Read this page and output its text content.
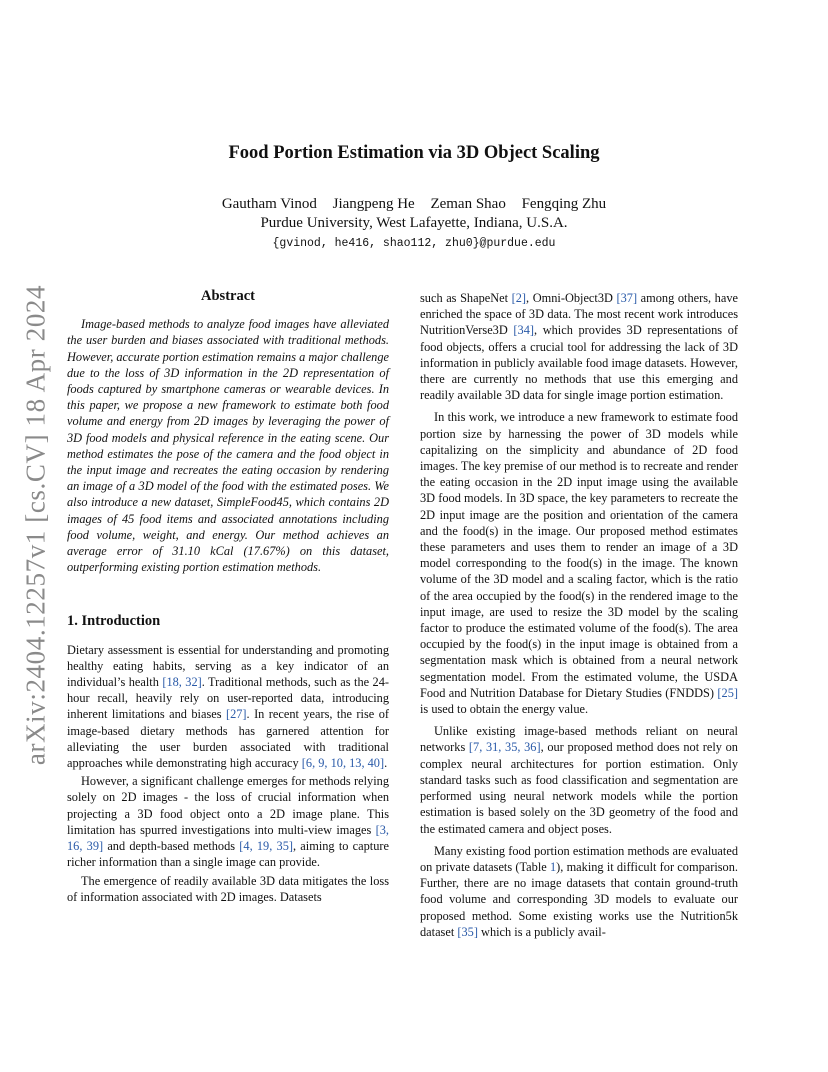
arXiv:2404.12257v1 [cs.CV] 18 Apr 2024
Food Portion Estimation via 3D Object Scaling
Gautham Vinod Jiangpeng He Zeman Shao Fengqing Zhu
Purdue University, West Lafayette, Indiana, U.S.A.
{gvinod, he416, shao112, zhu0}@purdue.edu
Abstract

Image-based methods to analyze food images have alleviated the user burden and biases associated with traditional methods. However, accurate portion estimation remains a major challenge due to the loss of 3D information in the 2D representation of foods captured by smartphone cameras or wearable devices. In this paper, we propose a new framework to estimate both food volume and energy from 2D images by leveraging the power of 3D food models and physical reference in the eating scene. Our method estimates the pose of the camera and the food object in the input image and recreates the eating occasion by rendering an image of a 3D model of the food with the estimated poses. We also introduce a new dataset, SimpleFood45, which contains 2D images of 45 food items and associated annotations including food volume, weight, and energy. Our method achieves an average error of 31.10 kCal (17.67%) on this dataset, outperforming existing portion estimation methods.

1. Introduction

Dietary assessment is essential for understanding and promoting healthy eating habits, serving as a key indicator of an individual’s health [18, 32]. Traditional methods, such as the 24-hour recall, heavily rely on user-reported data, introducing inherent limitations and biases [27]. In recent years, the rise of image-based dietary methods has garnered attention for alleviating the user burden associated with traditional approaches while demonstrating high accuracy [6, 9, 10, 13, 40].

However, a significant challenge emerges for methods relying solely on 2D images - the loss of crucial information when projecting a 3D food object onto a 2D image plane. This limitation has spurred investigations into multi-view images [3, 16, 39] and depth-based methods [4, 19, 35], aiming to capture richer information than a single image can provide.

The emergence of readily available 3D data mitigates the loss of information associated with 2D images. Datasets

such as ShapeNet [2], Omni-Object3D [37] among others, have enriched the space of 3D data. The most recent work introduces NutritionVerse3D [34], which provides 3D representations of food objects, offers a crucial tool for addressing the lack of 3D information in publicly available food image datasets. However, there are currently no methods that use this emerging and readily available 3D data for single image portion estimation.

In this work, we introduce a new framework to estimate food portion size by harnessing the power of 3D models while capitalizing on the simplicity and abundance of 2D food images. The key premise of our method is to recreate and render the eating occasion in the 2D input image using the available 3D food models. In 3D space, the key parameters to recreate the 2D input image are the position and orientation of the camera and the food(s) in the image. Our proposed method estimates these parameters and uses them to render an image of a 3D model corresponding to the food(s) in the image. The known volume of the 3D model and a scaling factor, which is the ratio of the area occupied by the food(s) in the rendered image to the input image, are used to resize the 3D model by the scaling factor to produce the estimated volume of the food(s). The area occupied by the food(s) in the input image is obtained from a segmentation mask which is obtained from a neural network segmentation model. From the estimated volume, the USDA Food and Nutrition Database for Dietary Studies (FNDDS) [25] is used to obtain the energy value.

Unlike existing image-based methods reliant on neural networks [7, 31, 35, 36], our proposed method does not rely on complex neural architectures for portion estimation. Only standard tasks such as food classification and segmentation are performed using neural network models while the portion estimation is based solely on the 3D geometry of the food and the estimated camera and object poses.

Many existing food portion estimation methods are evaluated on private datasets (Table 1), making it difficult for comparison. Further, there are no image datasets that contain ground-truth food volume and corresponding 3D models to evaluate our proposed method. Some existing works use the Nutrition5k dataset [35] which is a publicly avail-
